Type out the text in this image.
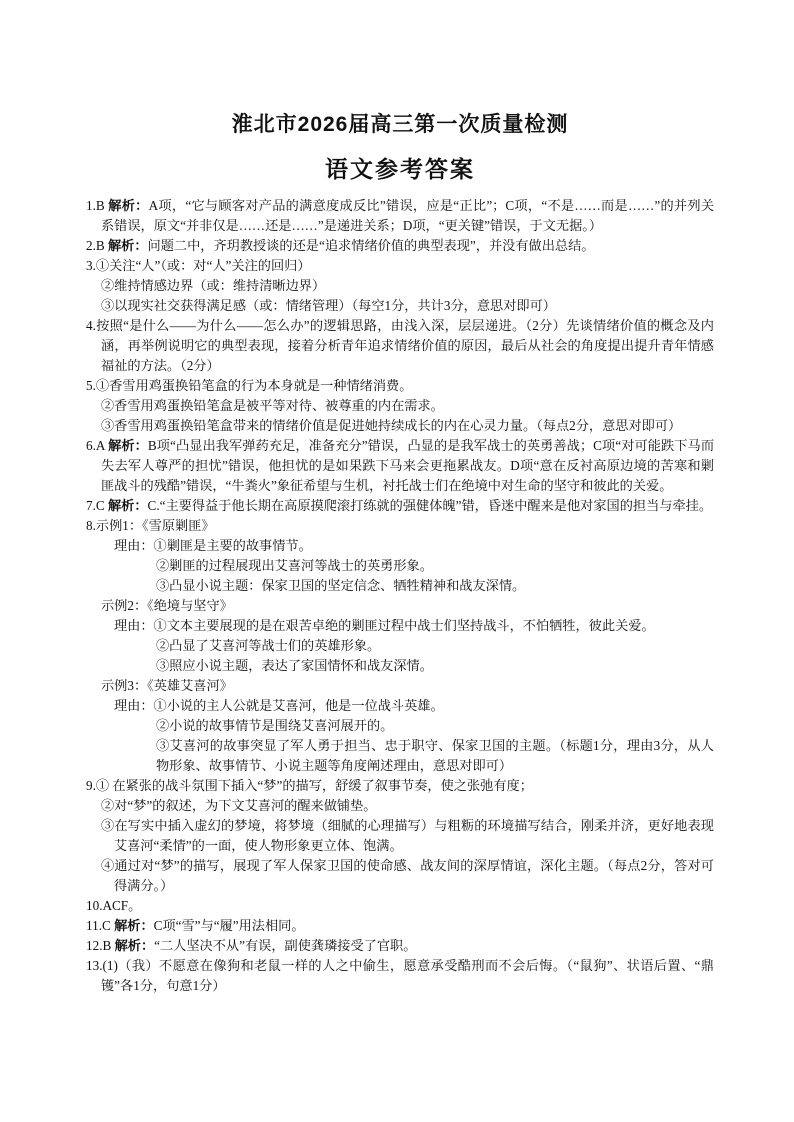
淮北市2026届高三第一次质量检测
语文参考答案
1.B 解析：A项，“它与顾客对产品的满意度成反比”错误，应是“正比”；C项，“不是……而是……”的并列关系错误，原文“并非仅是……还是……”是递进关系；D项，“更关键”错误，于文无据。）
2.B 解析：问题二中，齐玥教授谈的还是“追求情绪价值的典型表现”，并没有做出总结。
3.①关注“人”（或：对“人”关注的回归）
②维持情感边界（或：维持清晰边界）
③以现实社交获得满足感（或：情绪管理）（每空1分，共计3分，意思对即可）
4.按照“是什么——为什么——怎么办”的逻辑思路，由浅入深，层层递进。（2分）先谈情绪价值的概念及内涵，再举例说明它的典型表现，接着分析青年追求情绪价值的原因，最后从社会的角度提出提升青年情感福祉的方法。（2分）
5.①香雪用鸡蛋换铅笔盒的行为本身就是一种情绪消费。
②香雪用鸡蛋换铅笔盒是被平等对待、被尊重的内在需求。
③香雪用鸡蛋换铅笔盒带来的情绪价值是促进她持续成长的内在心灵力量。（每点2分，意思对即可）
6.A 解析：B项“凸显出我军弹药充足，准备充分”错误，凸显的是我军战士的英勇善战；C项“对可能跌下马而失去军人尊严的担忧”错误，他担忧的是如果跌下马来会更拖累战友。D项“意在反衬高原边境的苦寒和剿匪战斗的残酷”错误，“牛粪火”象征希望与生机，衬托战士们在绝境中对生命的坚守和彼此的关爱。
7.C 解析：C.“主要得益于他长期在高原摸爬滚打练就的强健体魄”错，昏迷中醒来是他对家国的担当与牵挂。
8.示例1：《雪原剿匪》
理由：①剿匪是主要的故事情节。
②剿匪的过程展现出艾喜河等战士的英勇形象。
③凸显小说主题：保家卫国的坚定信念、牺牲精神和战友深情。
示例2：《绝境与坚守》
理由：①文本主要展现的是在艰苦卓绝的剿匪过程中战士们坚持战斗，不怕牺牲，彼此关爱。
②凸显了艾喜河等战士们的英雄形象。
③照应小说主题，表达了家国情怀和战友深情。
示例3：《英雄艾喜河》
理由：①小说的主人公就是艾喜河，他是一位战斗英雄。
②小说的故事情节是围绕艾喜河展开的。
③艾喜河的故事突显了军人勇于担当、忠于职守、保家卫国的主题。（标题1分，理由3分，从人物形象、故事情节、小说主题等角度阐述理由，意思对即可）
9.① 在紧张的战斗氛围下插入“梦”的描写，舒缓了叙事节奏，使之张弛有度；
②对“梦”的叙述，为下文艾喜河的醒来做铺垫。
③在写实中插入虚幻的梦境，将梦境（细腻的心理描写）与粗粝的环境描写结合，刚柔并济，更好地表现艾喜河“柔情”的一面，使人物形象更立体、饱满。
④通过对“梦”的描写，展现了军人保家卫国的使命感、战友间的深厚情谊，深化主题。（每点2分，答对可得满分。）
10.ACF。
11.C 解析：C项“雪”与“履”用法相同。
12.B 解析：“二人坚决不从”有误，副使龚璘接受了官职。
13.(1)（我）不愿意在像狗和老鼠一样的人之中偷生，愿意承受酷刑而不会后悔。（“鼠狗”、状语后置、“鼎镬”各1分，句意1分）
